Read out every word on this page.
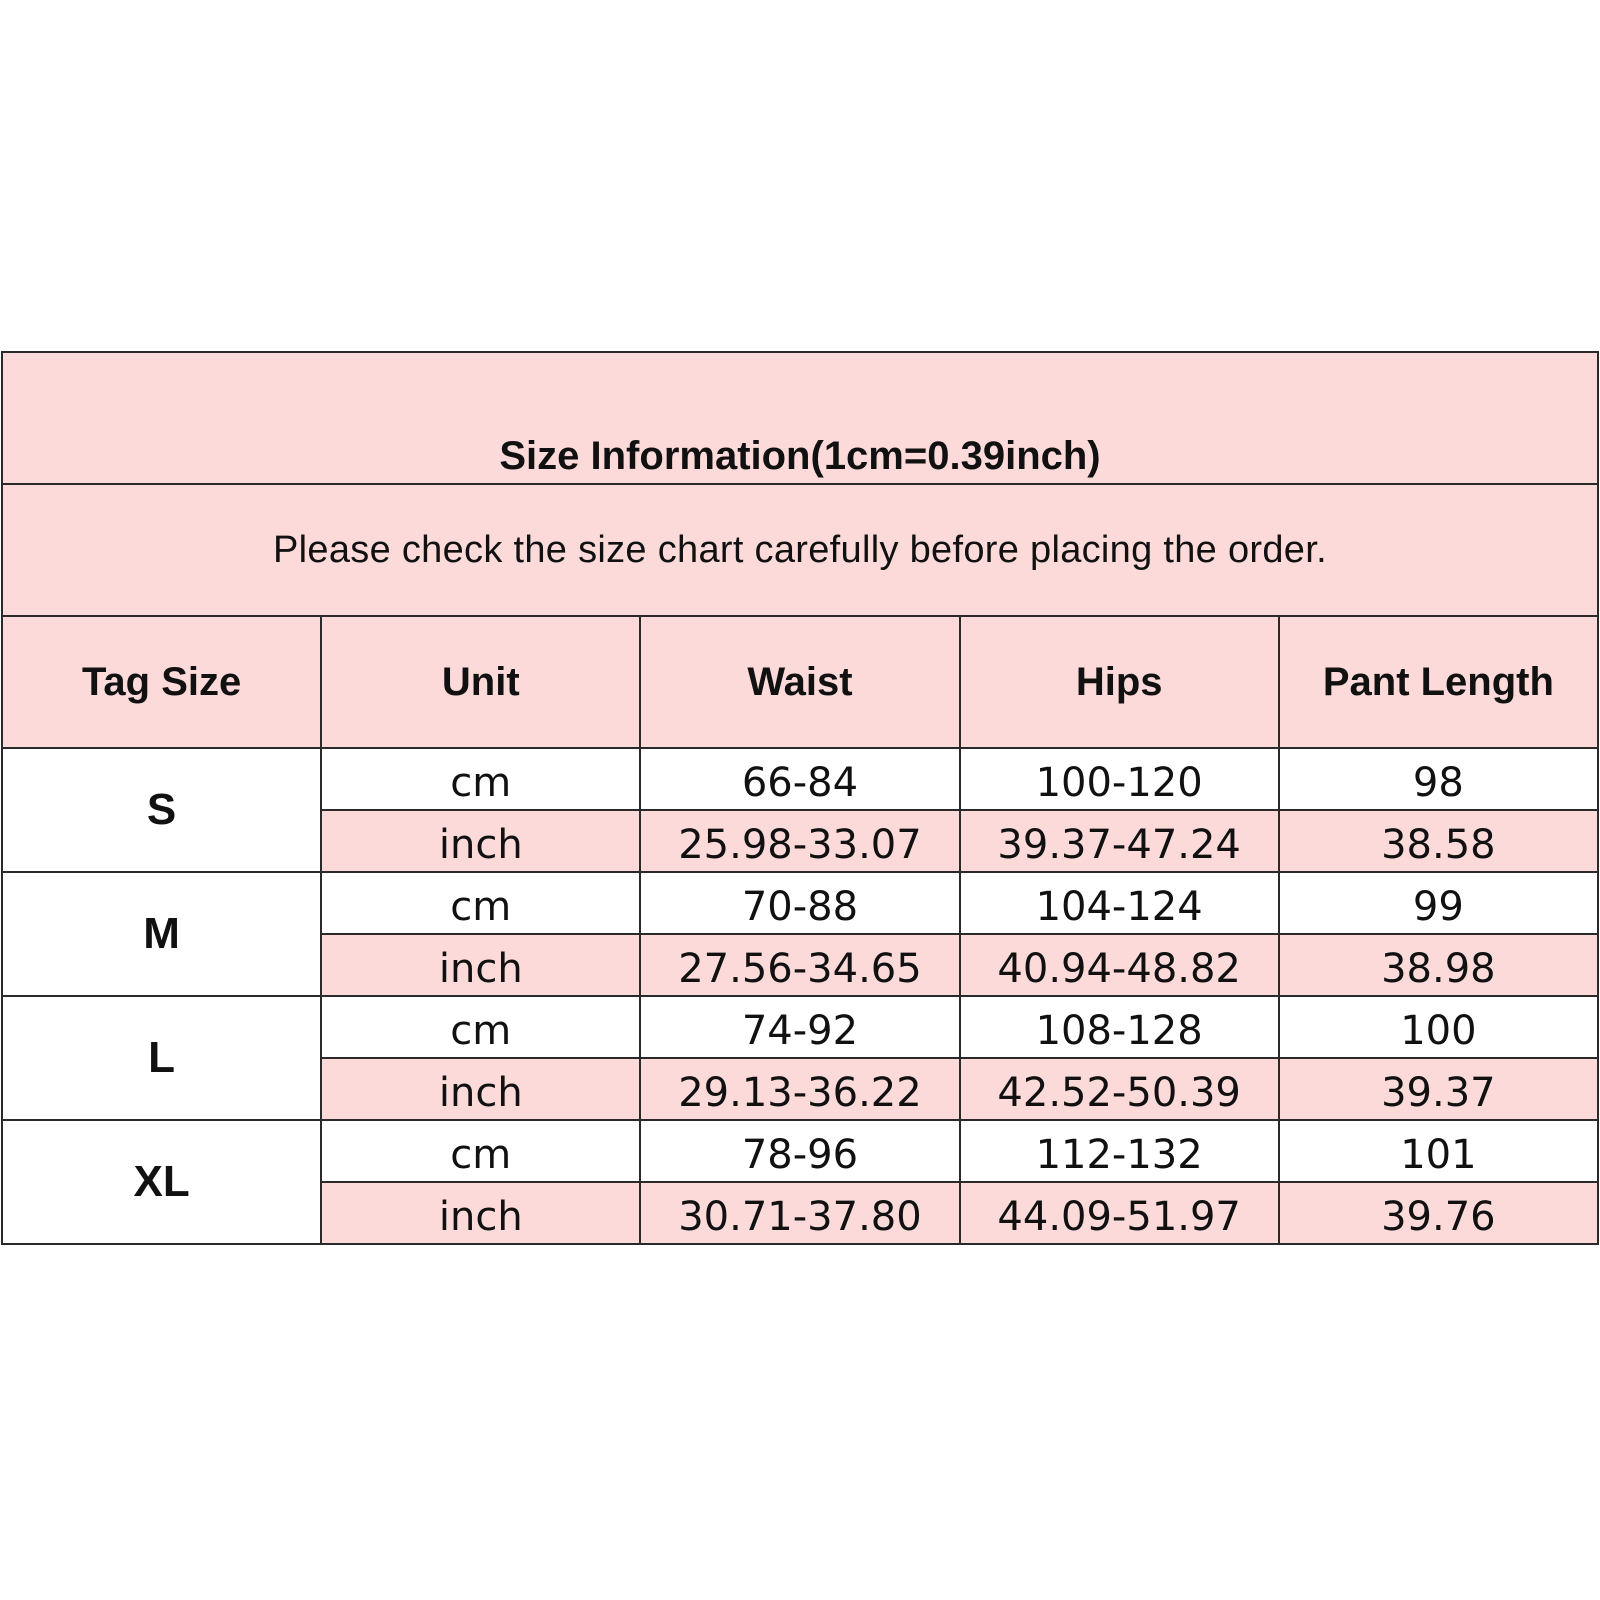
Size Information(1cm=0.39inch)				
Please check the size chart carefully before placing the order.				
Tag Size	Unit	Waist	Hips	Pant Length
S	cm	66-84	100-120	98
	inch	25.98-33.07	39.37-47.24	38.58
M	cm	70-88	104-124	99
	inch	27.56-34.65	40.94-48.82	38.98
L	cm	74-92	108-128	100
	inch	29.13-36.22	42.52-50.39	39.37
XL	cm	78-96	112-132	101
	inch	30.71-37.80	44.09-51.97	39.76
